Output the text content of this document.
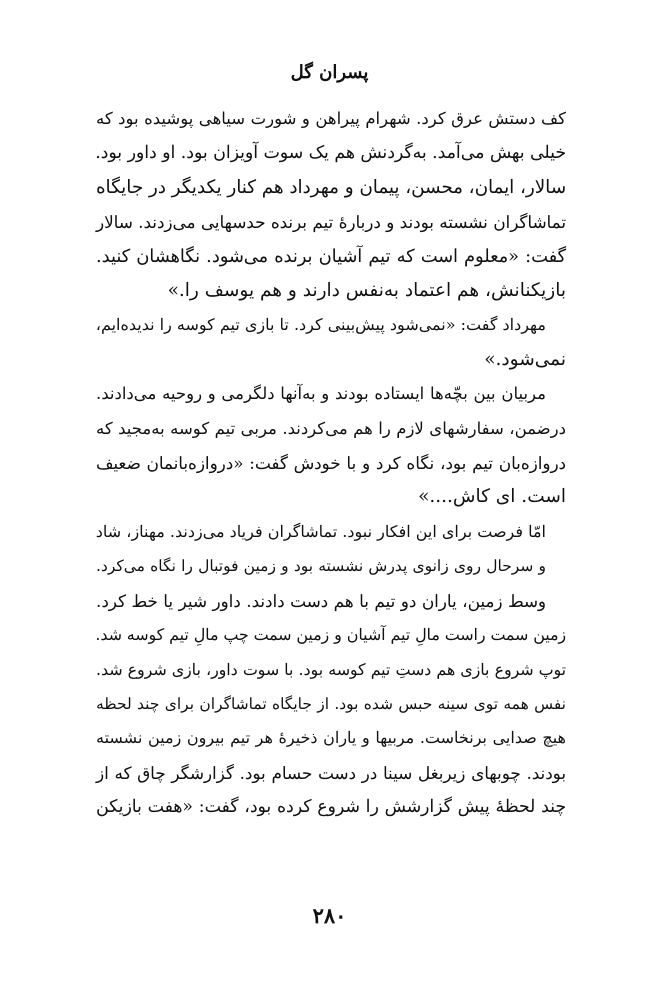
پسران گل
کف دستش عرق کرد. شهرام پیراهن و شورت سیاهی پوشیده بود که
خیلی بهش می‌آمد. به‌گردنش هم یک سوت آویزان بود. او داور بود.
سالار، ایمان، محسن، پیمان و مهرداد هم کنار یکدیگر در جایگاه
تماشاگران نشسته بودند و دربارهٔ تیم برنده حدسهایی می‌زدند. سالار
گفت: «معلوم است که تیم آشیان برنده می‌شود. نگاهشان کنید.
بازیکنانش، هم اعتماد به‌نفس دارند و هم یوسف را.»
مهرداد گفت: «نمی‌شود پیش‌بینی کرد. تا بازی تیم کوسه را ندیده‌ایم،
نمی‌شود.»
مربیان بین بچّه‌ها ایستاده بودند و به‌آنها دلگرمی و روحیه می‌دادند.
درضمن، سفارشهای لازم را هم می‌کردند. مربی تیم کوسه به‌مجید که
دروازه‌بان تیم بود، نگاه کرد و با خودش گفت: «دروازه‌بانمان ضعیف
است. ای کاش....»
امّا فرصت برای این افکار نبود. تماشاگران فریاد می‌زدند. مهناز، شاد
و سرحال روی زانوی پدرش نشسته بود و زمین فوتبال را نگاه می‌کرد.
وسط زمین، یاران دو تیم با هم دست دادند. داور شیر یا خط کرد.
زمین سمت راست مالِ تیم آشیان و زمین سمت چپ مالِ تیم کوسه شد.
توپ شروع بازی هم دستِ تیم کوسه بود. با سوت داور، بازی شروع شد.
نفس همه توی سینه حبس شده بود. از جایگاه تماشاگران برای چند لحظه
هیچ صدایی برنخاست. مربیها و یاران ذخیرهٔ هر تیم بیرون زمین نشسته
بودند. چوبهای زیربغل سینا در دست حسام بود. گزارشگر چاق که از
چند لحظهٔ پیش گزارشش را شروع کرده بود، گفت: «هفت بازیکن
۲۸۰
